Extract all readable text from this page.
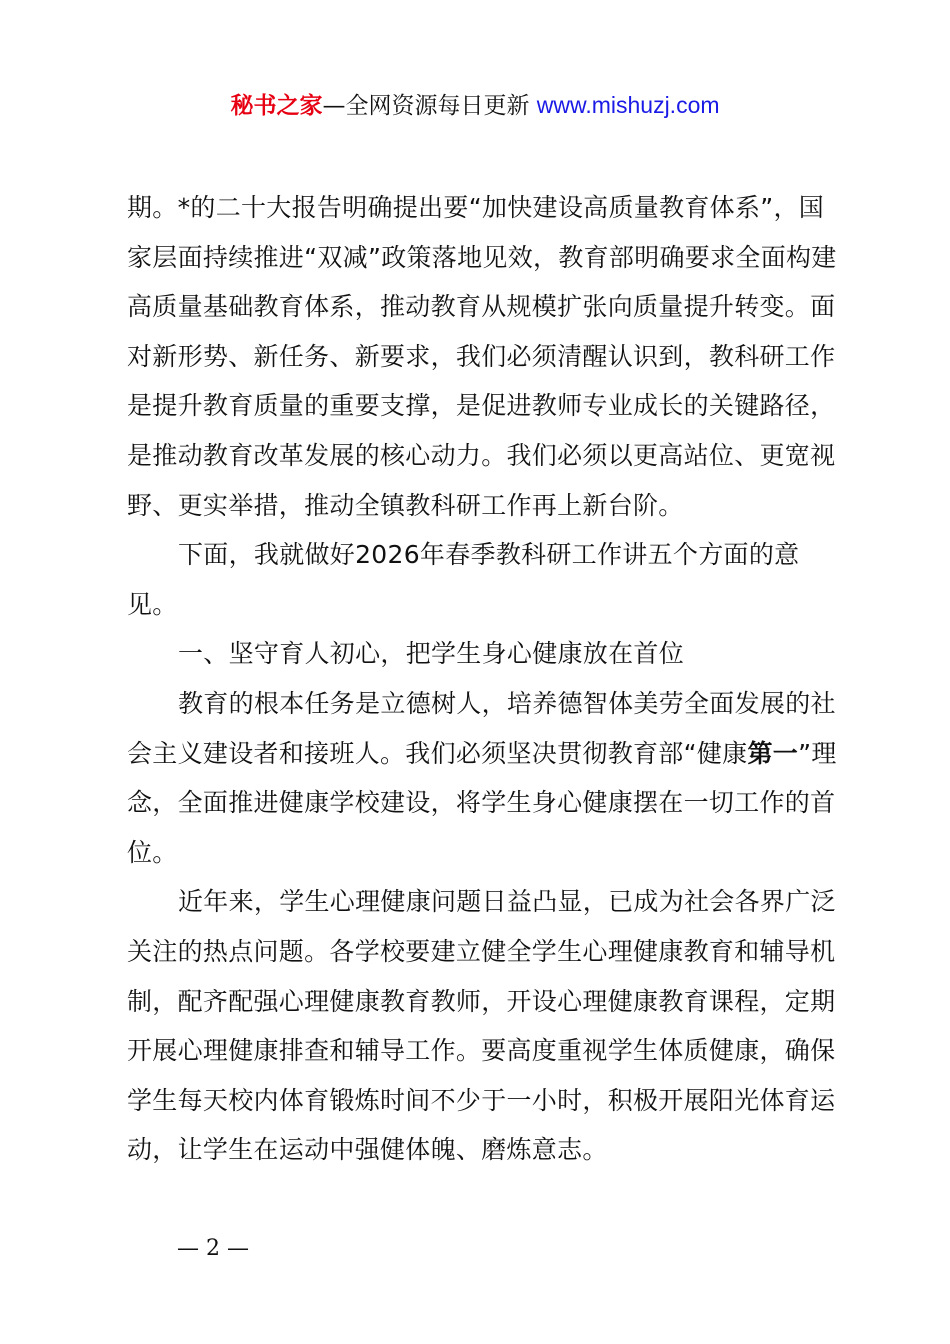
秘书之家—全网资源每日更新 www.mishuzj.com

期。*的二十大报告明确提出要“加快建设高质量教育体系”，国家层面持续推进“双减”政策落地见效，教育部明确要求全面构建高质量基础教育体系，推动教育从规模扩张向质量提升转变。面对新形势、新任务、新要求，我们必须清醒认识到，教科研工作是提升教育质量的重要支撑，是促进教师专业成长的关键路径，是推动教育改革发展的核心动力。我们必须以更高站位、更宽视野、更实举措，推动全镇教科研工作再上新台阶。

下面，我就做好2026年春季教科研工作讲五个方面的意见。

一、坚守育人初心，把学生身心健康放在首位

教育的根本任务是立德树人，培养德智体美劳全面发展的社会主义建设者和接班人。我们必须坚决贯彻教育部“健康第一”理念，全面推进健康学校建设，将学生身心健康摆在一切工作的首位。

近年来，学生心理健康问题日益凸显，已成为社会各界广泛关注的热点问题。各学校要建立健全学生心理健康教育和辅导机制，配齐配强心理健康教育教师，开设心理健康教育课程，定期开展心理健康排查和辅导工作。要高度重视学生体质健康，确保学生每天校内体育锻炼时间不少于一小时，积极开展阳光体育运动，让学生在运动中强健体魄、磨炼意志。

— 2 —
